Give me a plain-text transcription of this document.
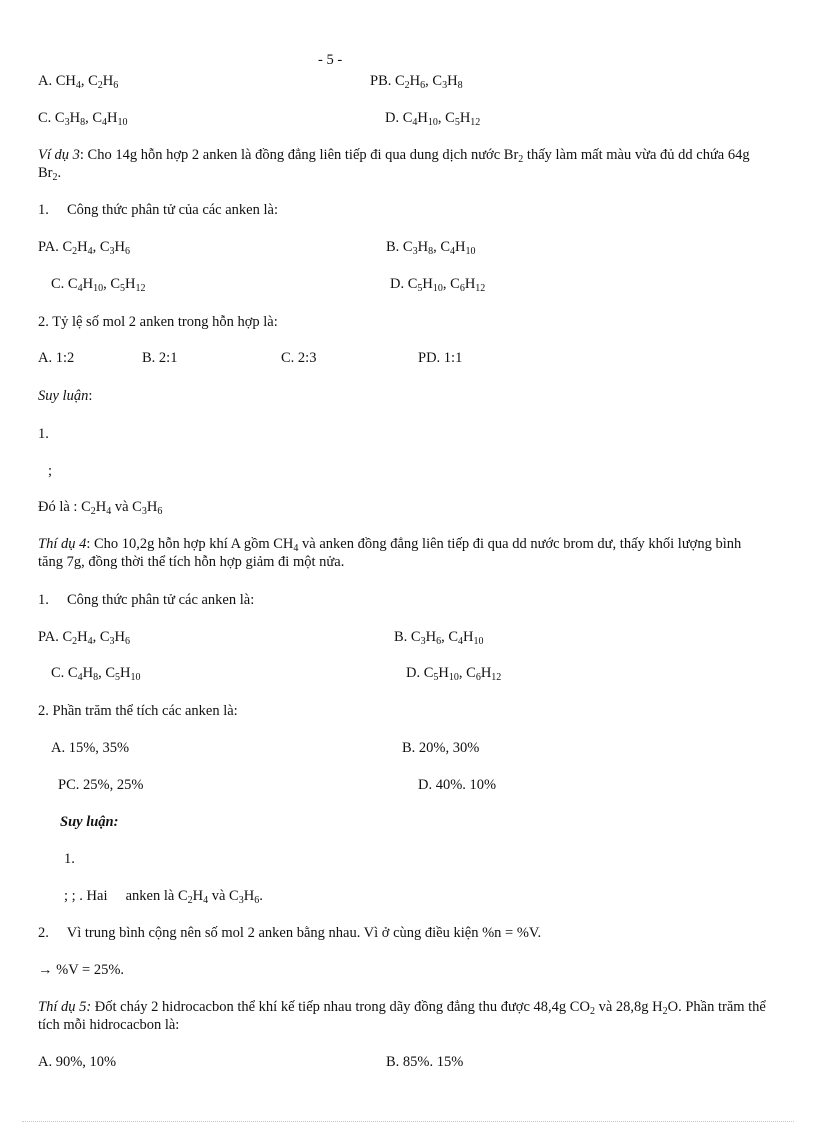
- 5 -
A. $CH_4$, $C_2H_6$	PB. $C_2H_6$, $C_3H_8$
C. $C_3H_8$, $C_4H_{10}$	D. $C_4H_{10}$, $C_5H_{12}$
Ví dụ 3: Cho 14g hỗn hợp 2 anken là đồng đẳng liên tiếp đi qua dung dịch nước $Br_2$ thấy làm mất màu vừa đủ dd chứa 64g $Br_2$.
1.     Công thức phân tử của các anken là:
PA. $C_2H_4$, $C_3H_6$	B. $C_3H_8$, $C_4H_{10}$
C. $C_4H_{10}$, $C_5H_{12}$	D. $C_5H_{10}$, $C_6H_{12}$
2. Tỷ lệ số mol 2 anken trong hỗn hợp là:
A. 1:2	B. 2:1	C. 2:3	PD. 1:1
Suy luận:
1.
;
Đó là : $C_2H_4$ và $C_3H_6$
Thí dụ 4: Cho 10,2g hỗn hợp khí A gồm $CH_4$ và anken đồng đẳng liên tiếp đi qua dd nước brom dư, thấy khối lượng bình tăng 7g, đồng thời thể tích hỗn hợp giảm đi một nửa.
1.     Công thức phân tử các anken là:
PA. $C_2H_4$, $C_3H_6$	B. $C_3H_6$, $C_4H_{10}$
C. $C_4H_8$, $C_5H_{10}$	D. $C_5H_{10}$, $C_6H_{12}$
2. Phần trăm thể tích các anken là:
A. 15%, 35%	B. 20%, 30%
PC. 25%, 25%	D. 40%. 10%
Suy luận:
1.
; ; . Hai     anken là $C_2H_4$ và $C_3H_6$.
2.     Vì trung bình cộng nên số mol 2 anken bằng nhau. Vì ở cùng điều kiện %n = %V.
→ %V = 25%.
Thí dụ 5: Đốt cháy 2 hidrocacbon thể khí kế tiếp nhau trong dãy đồng đẳng thu được 48,4g $CO_2$ và 28,8g $H_2O$. Phần trăm thể tích mỗi hidrocacbon là:
A. 90%, 10%	B. 85%. 15%
